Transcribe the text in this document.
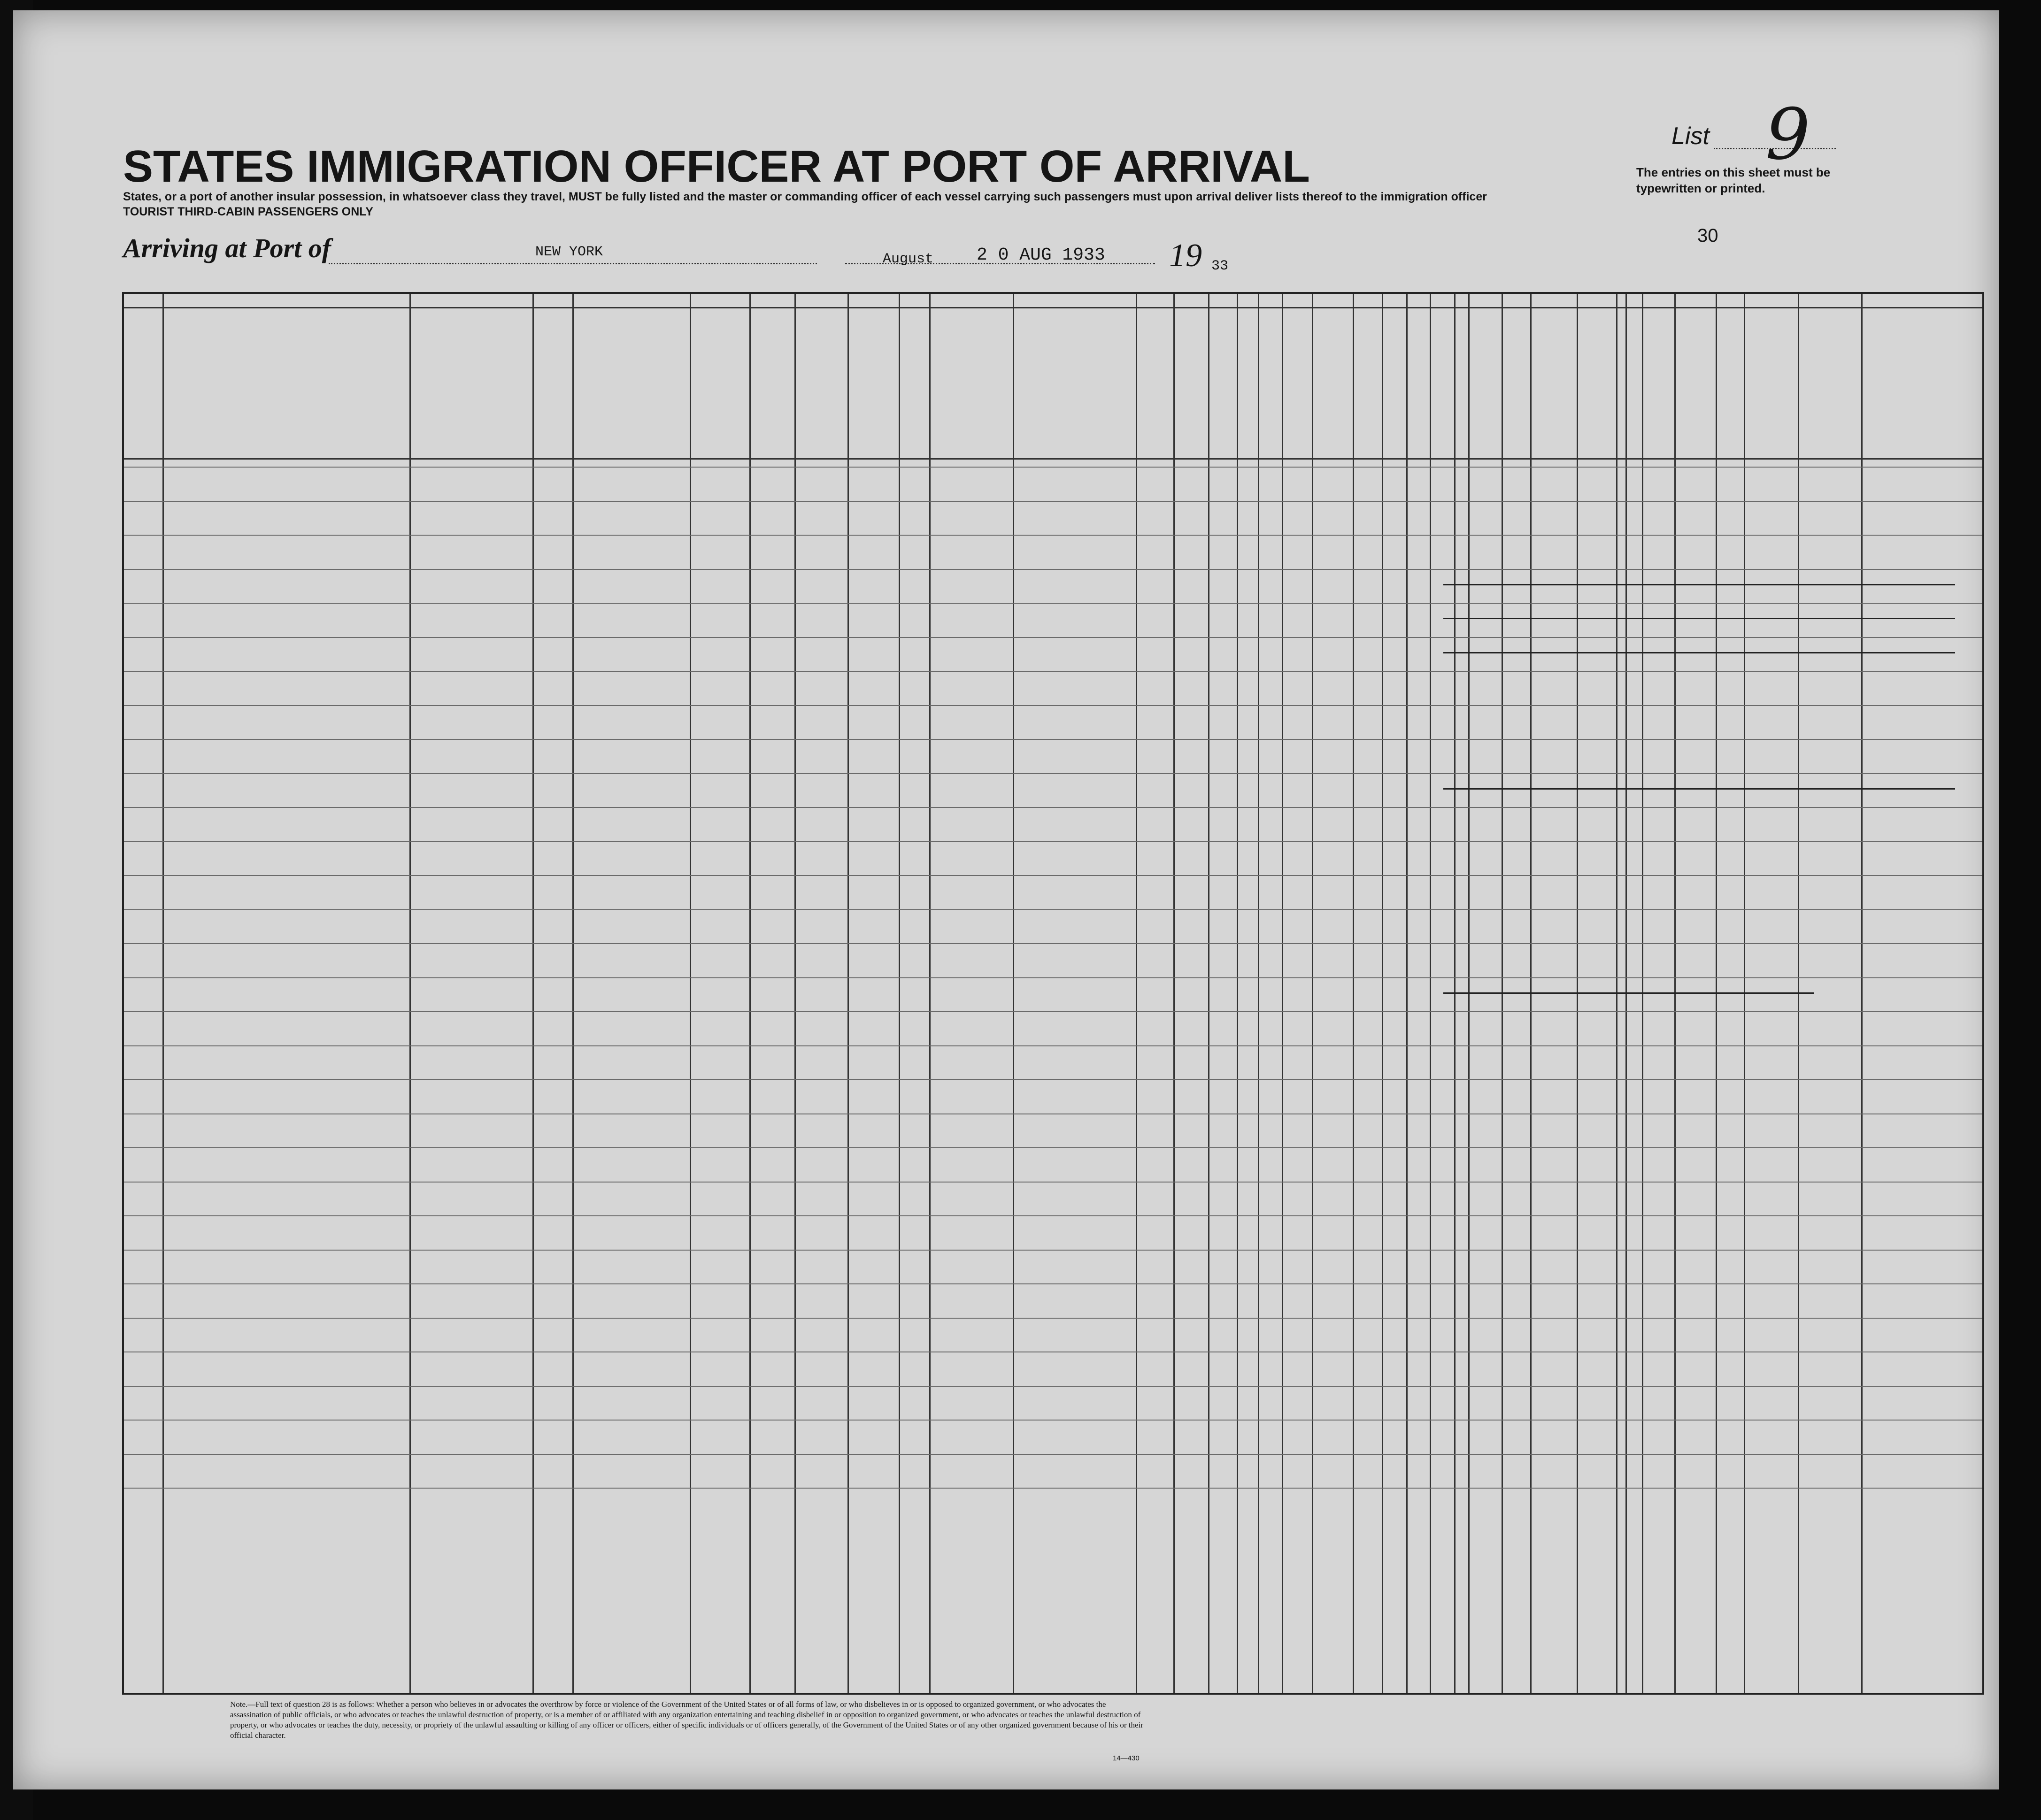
STATES IMMIGRATION OFFICER AT PORT OF ARRIVAL
States, or a port of another insular possession, in whatsoever class they travel, MUST be fully listed and the master or commanding officer of each vessel carrying such passengers must upon arrival deliver lists thereof to the immigration officer
TOURIST THIRD-CABIN PASSENGERS ONLY
List 9
The entries on this sheet must be typewritten or printed.
Arriving at Port of	NEW YORK	August 2 0 AUG 1933 19 33
30
Note.—Full text of question 28 is as follows: Whether a person who believes in or advocates the overthrow by force or violence of the Government of the United States or of all forms of law, or who disbelieves in or is opposed to organized government, or who advocates the assassination of public officials, or who advocates or teaches the unlawful destruction of property, or is a member of or affiliated with any organization entertaining and teaching disbelief in or opposition to organized government, or who advocates or teaches the unlawful destruction of property, or who advocates or teaches the duty, necessity, or propriety of the unlawful assaulting or killing of any officer or officers, either of specific individuals or of officers generally, of the Government of the United States or of any other organized government because of his or their official character.
14—430
